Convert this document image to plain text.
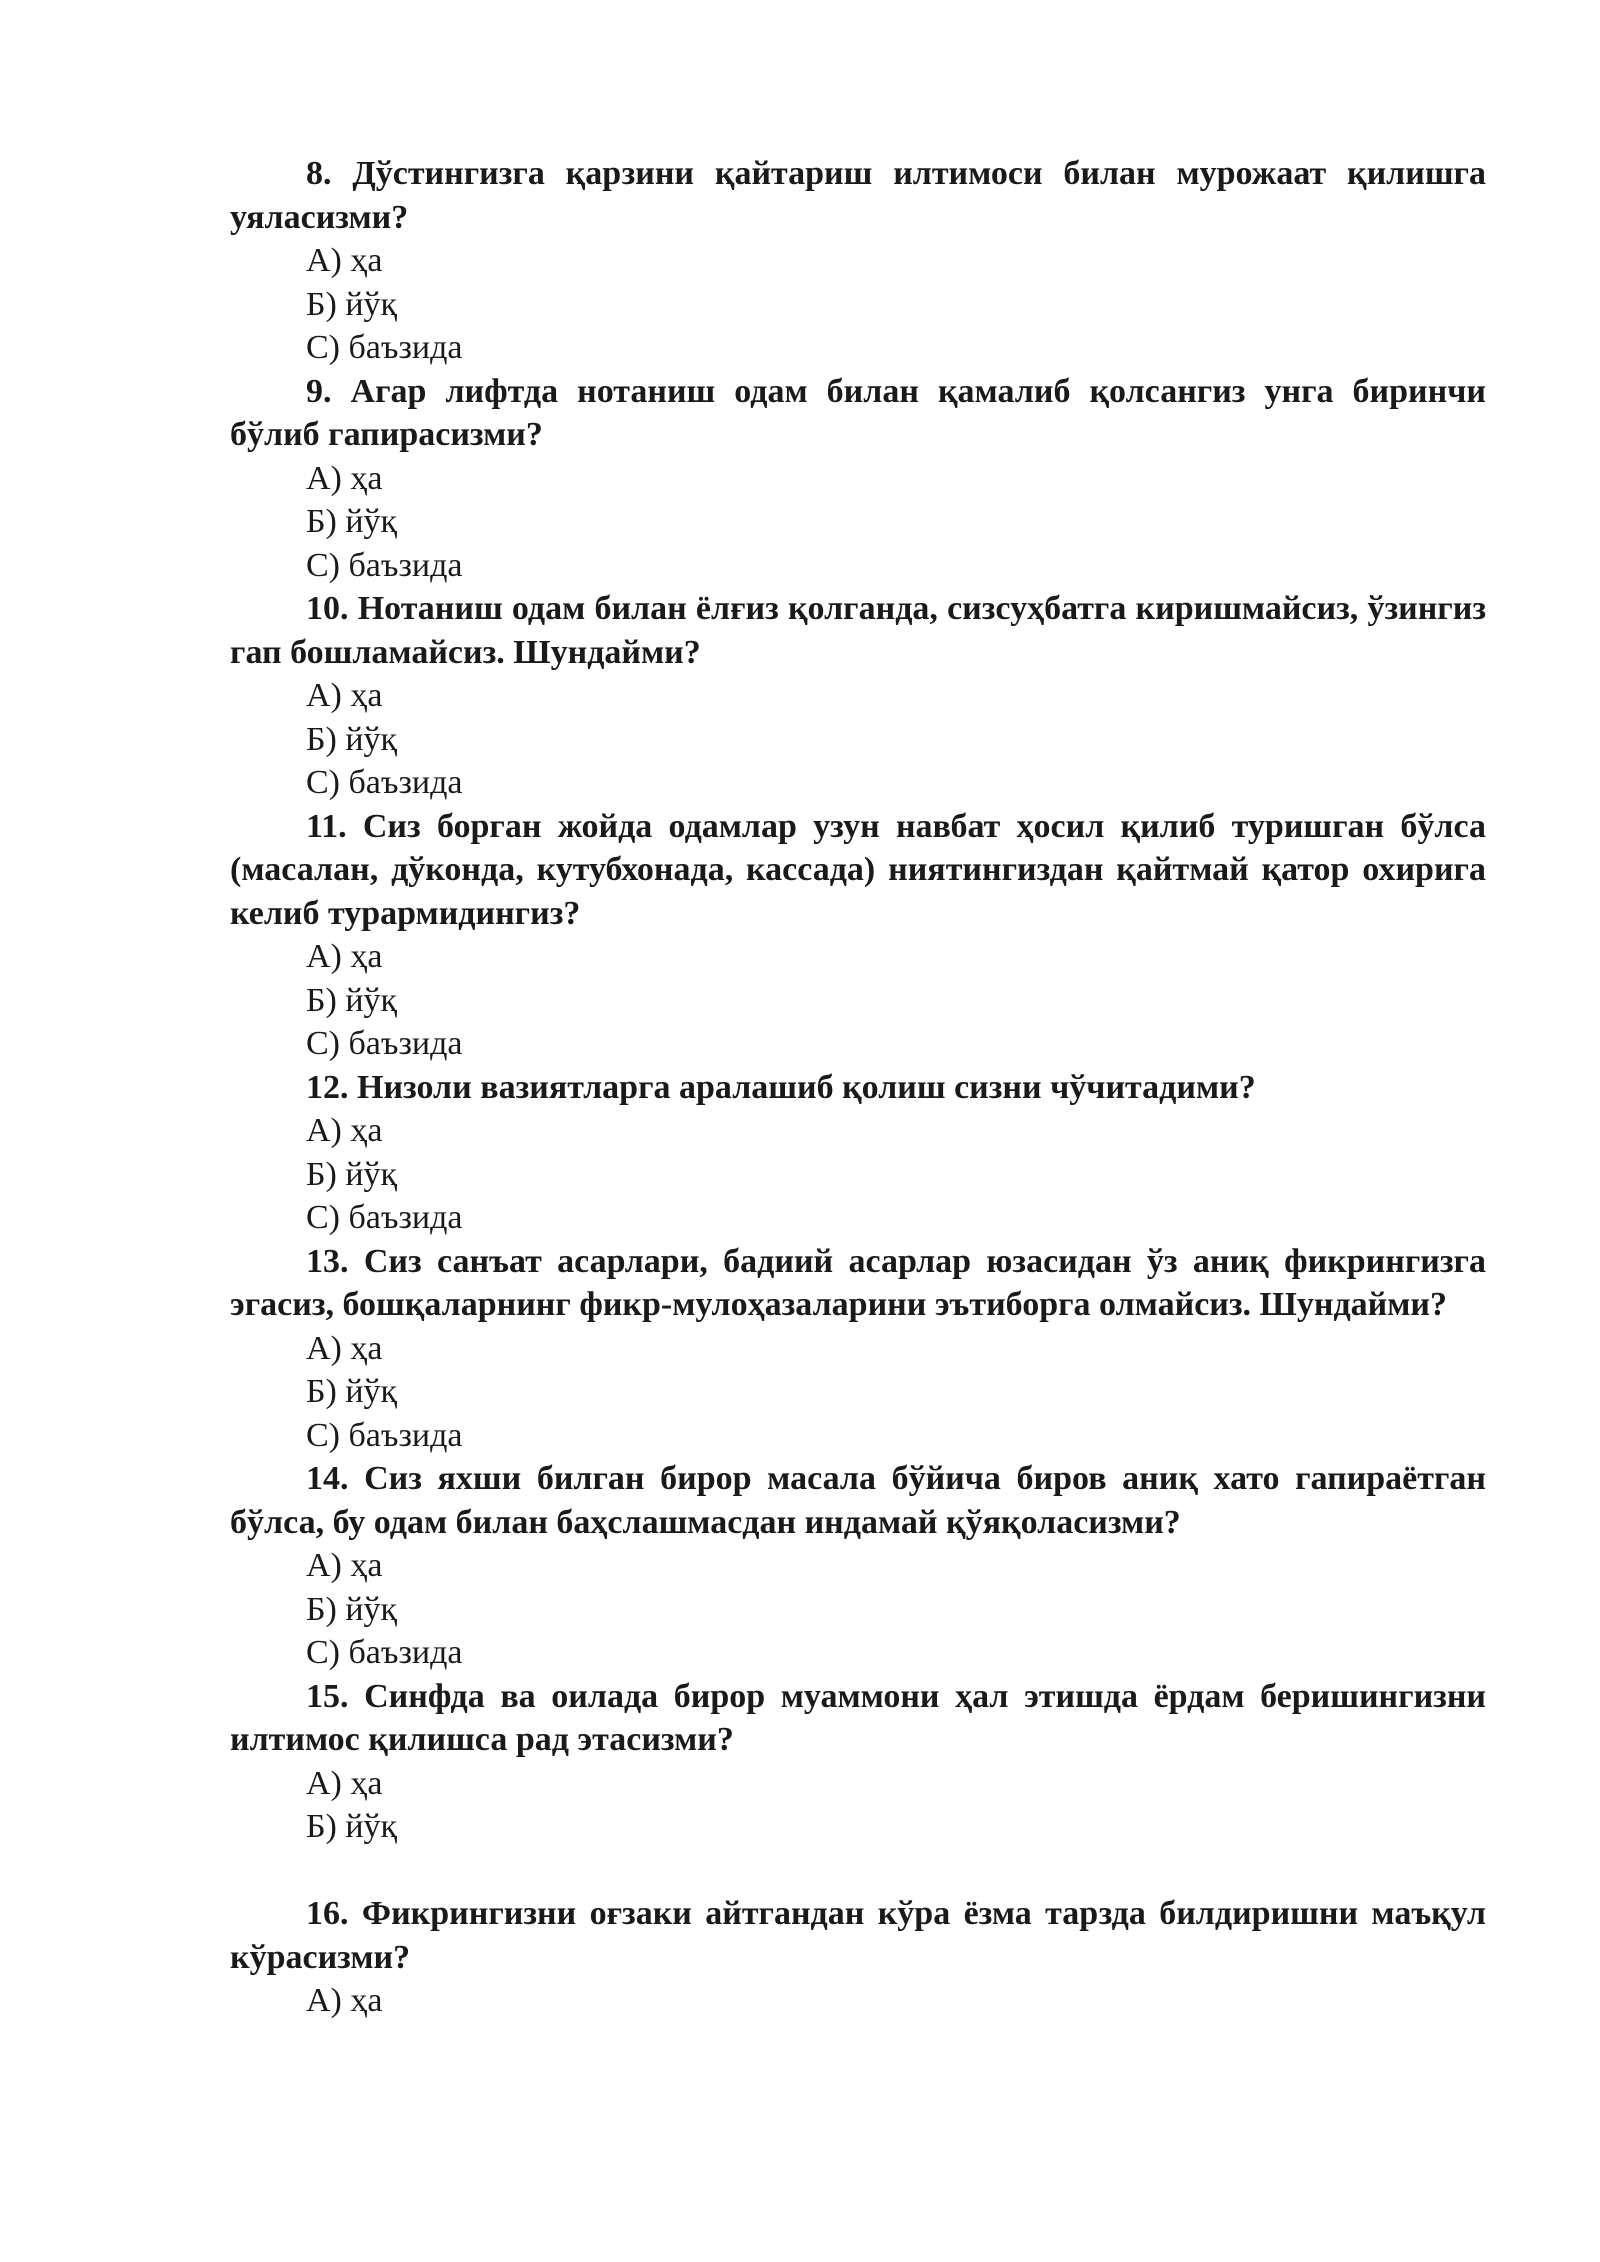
8. Дўстингизга қарзини қайтариш илтимоси билан мурожаат қилишга уяласизми?

А) ҳа

Б) йўқ

С) баъзида

9. Агар лифтда нотаниш одам билан қамалиб қолсангиз унга биринчи бўлиб гапирасизми?

А) ҳа

Б) йўқ

С) баъзида

10. Нотаниш одам билан ёлғиз қолганда, сизсуҳбатга киришмайсиз, ўзингиз гап бошламайсиз. Шундайми?

А) ҳа

Б) йўқ

С) баъзида

11. Сиз борган жойда одамлар узун навбат ҳосил қилиб туришган бўлса (масалан, дўконда, кутубхонада, кассада) ниятингиздан қайтмай қатор охирига келиб турармидингиз?

А) ҳа

Б) йўқ

С) баъзида

12. Низоли вазиятларга аралашиб қолиш сизни чўчитадими?

А) ҳа

Б) йўқ

С) баъзида

13. Сиз санъат асарлари, бадиий асарлар юзасидан ўз аниқ фикрингизга эгасиз, бошқаларнинг фикр-мулоҳазаларини эътиборга олмайсиз. Шундайми?

А) ҳа

Б) йўқ

С) баъзида

14. Сиз яхши билган бирор масала бўйича биров аниқ хато гапираётган бўлса, бу одам билан баҳслашмасдан индамай қўяқоласизми?

А) ҳа

Б) йўқ

С) баъзида

15. Синфда ва оилада бирор муаммони ҳал этишда ёрдам беришингизни илтимос қилишса рад этасизми?

А) ҳа

Б) йўқ

16. Фикрингизни оғзаки айтгандан кўра ёзма тарзда билдиришни маъқул кўрасизми?

А) ҳа
